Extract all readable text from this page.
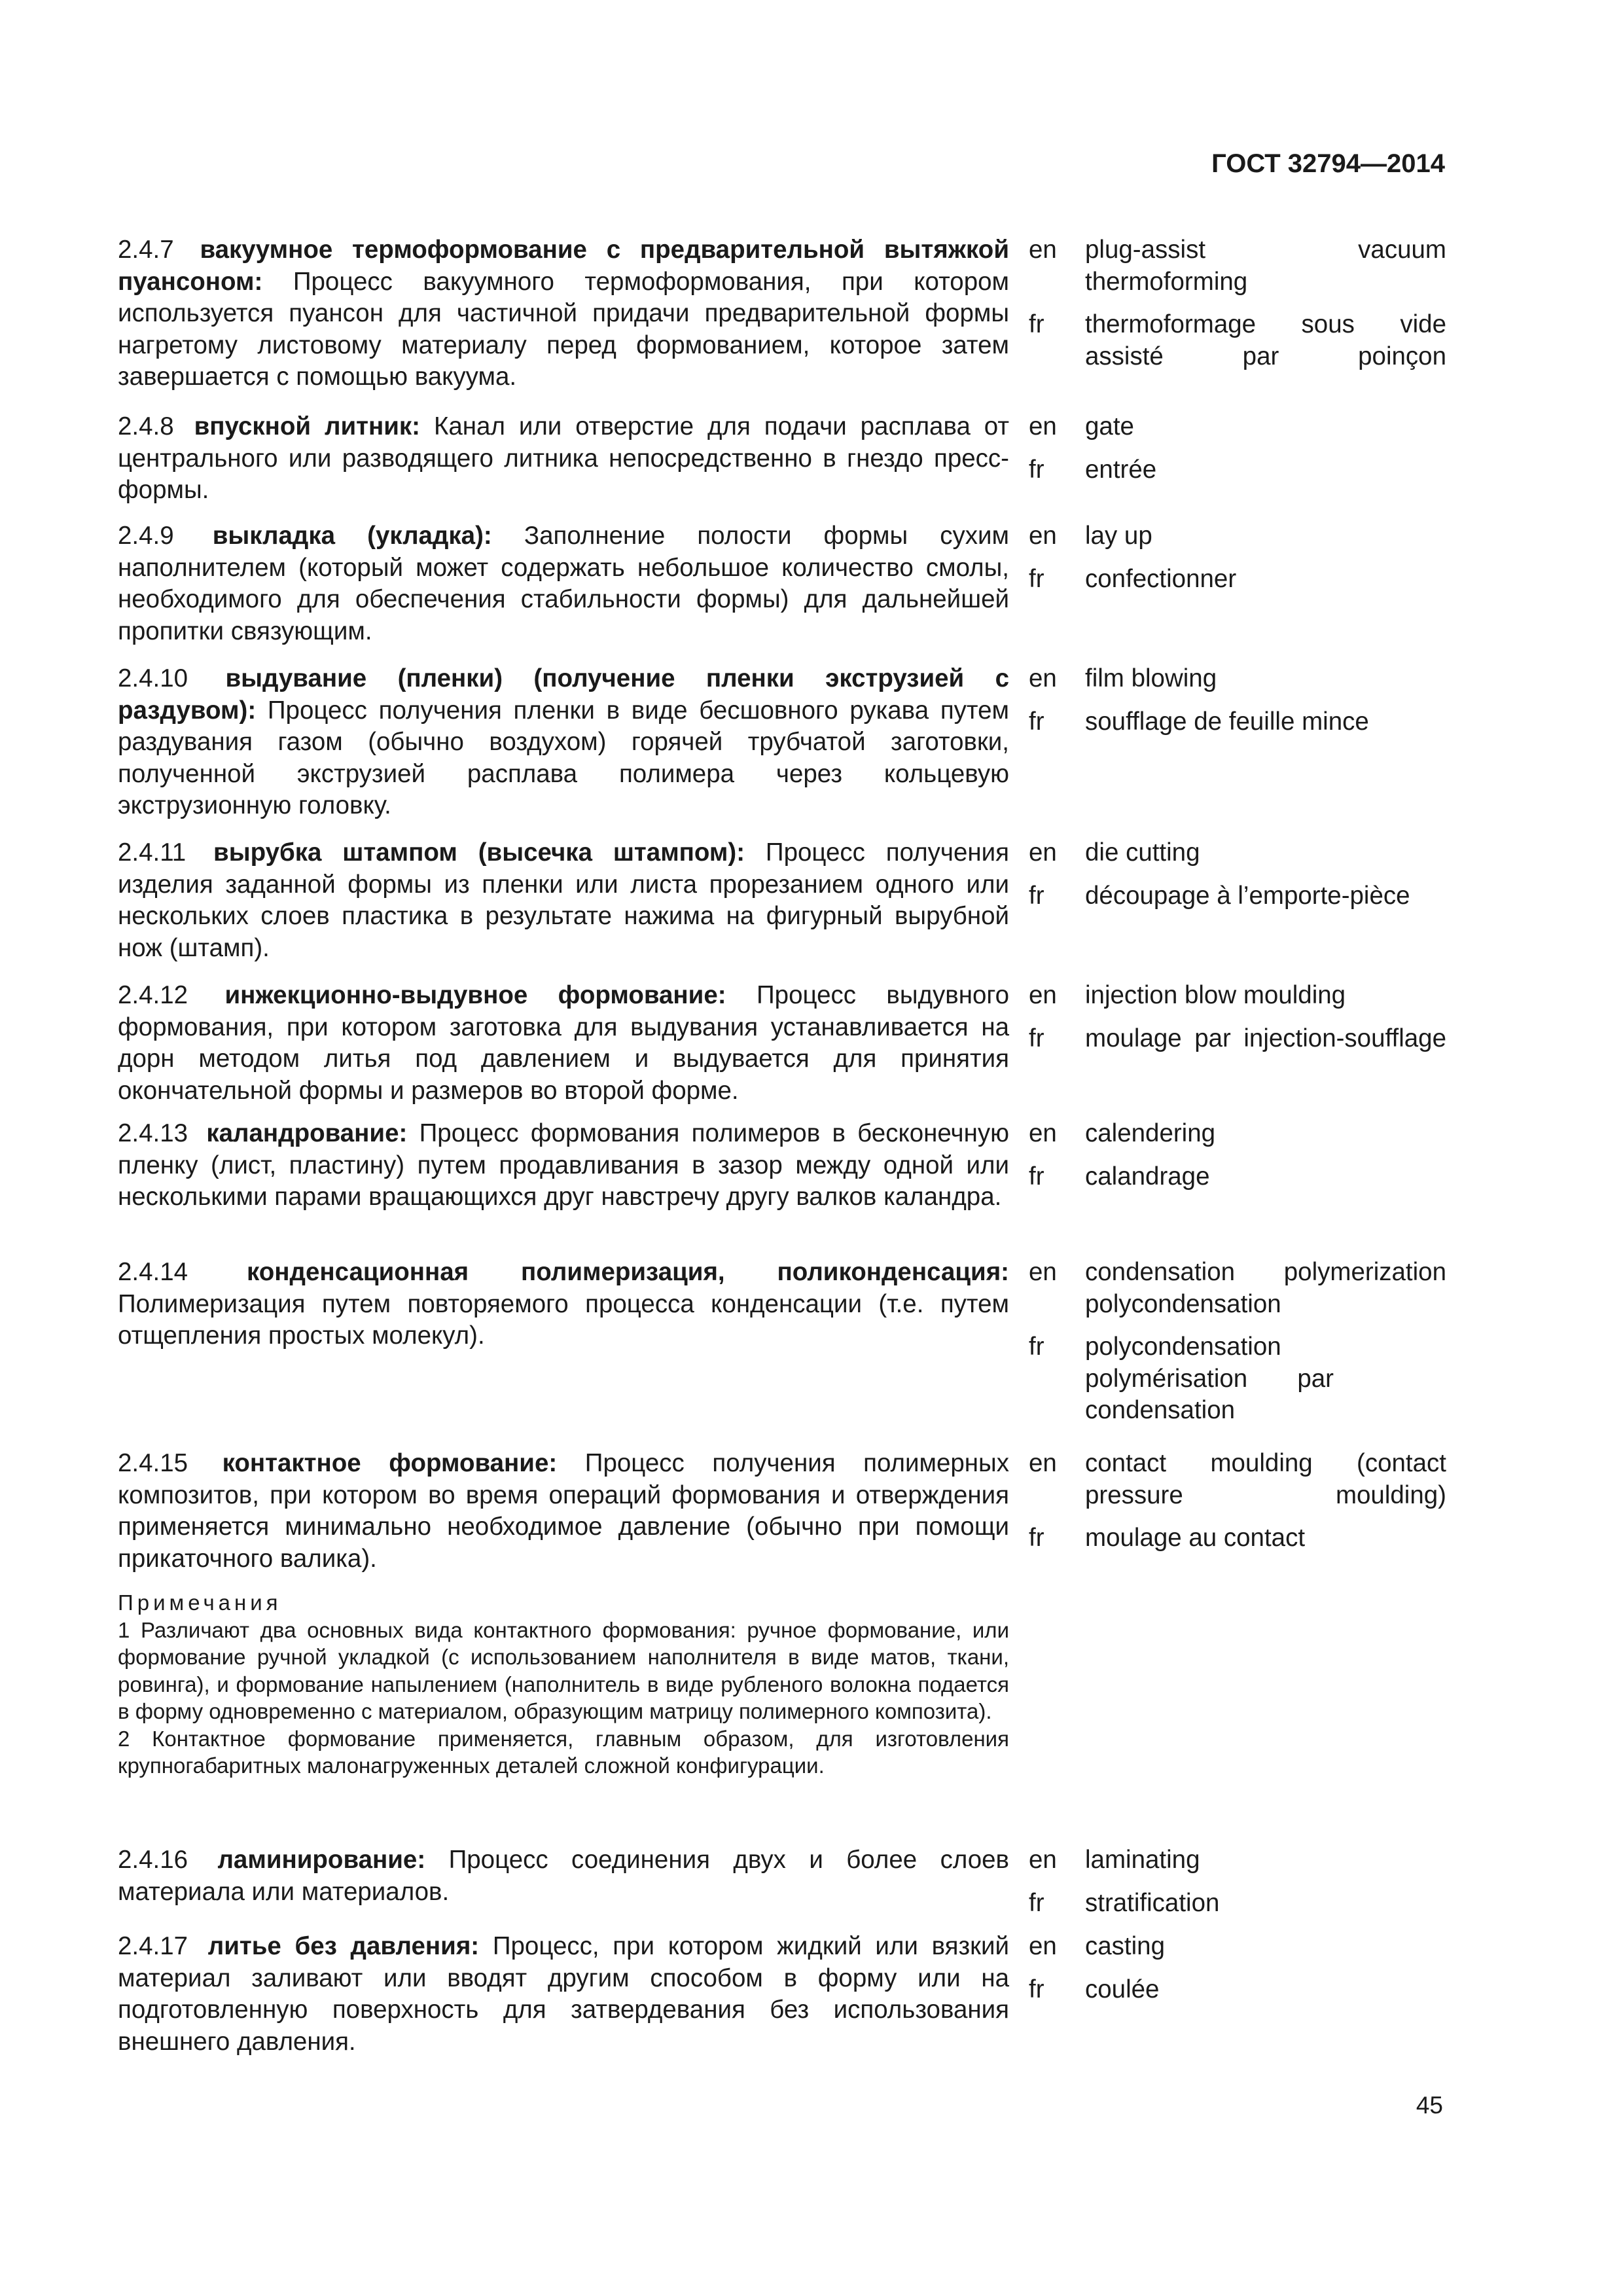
ГОСТ 32794—2014
2.4.7 вакуумное термоформование с предварительной вытяжкой пуансоном: Процесс вакуумного термоформования, при котором используется пуансон для частичной придачи предварительной формы нагретому листовому материалу перед формованием, которое затем завершается с помощью вакуума.
en	plug-assist vacuum thermoforming
fr	thermoformage sous vide assisté par poinçon
2.4.8 впускной литник: Канал или отверстие для подачи расплава от центрального или разводящего литника непосредственно в гнездо пресс-формы.
en	gate
fr	entrée
2.4.9 выкладка (укладка): Заполнение полости формы сухим наполнителем (который может содержать небольшое количество смолы, необходимого для обеспечения стабильности формы) для дальнейшей пропитки связующим.
en	lay up
fr	confectionner
2.4.10 выдувание (пленки) (получение пленки экструзией с раздувом): Процесс получения пленки в виде бесшовного рукава путем раздувания газом (обычно воздухом) горячей трубчатой заготовки, полученной экструзией расплава полимера через кольцевую экструзионную головку.
en	film blowing
fr	soufflage de feuille mince
2.4.11 вырубка штампом (высечка штампом): Процесс получения изделия заданной формы из пленки или листа прорезанием одного или нескольких слоев пластика в результате нажима на фигурный вырубной нож (штамп).
en	die cutting
fr	découpage à l’emporte-pièce
2.4.12 инжекционно-выдувное формование: Процесс выдувного формования, при котором заготовка для выдувания устанавливается на дорн методом литья под давлением и выдувается для принятия окончательной формы и размеров во второй форме.
en	injection blow moulding
fr	moulage par injection-soufflage
2.4.13 каландрование: Процесс формования полимеров в бесконечную пленку (лист, пластину) путем продавливания в зазор между одной или несколькими парами вращающихся друг навстречу другу валков каландра.
en	calendering
fr	calandrage
2.4.14 конденсационная полимеризация, поликонденсация: Полимеризация путем повторяемого процесса конденсации (т.е. путем отщепления простых молекул).
en	condensation polymerization polycondensation
fr	polycondensation polymérisation par condensation
2.4.15 контактное формование: Процесс получения полимерных композитов, при котором во время операций формования и отверждения применяется минимально необходимое давление (обычно при помощи прикаточного валика).
en	contact moulding (contact pressure moulding)
fr	moulage au contact
Примечания
1 Различают два основных вида контактного формования: ручное формование, или формование ручной укладкой (с использованием наполнителя в виде матов, ткани, ровинга), и формование напылением (наполнитель в виде рубленого волокна подается в форму одновременно с материалом, образующим матрицу полимерного композита).
2 Контактное формование применяется, главным образом, для изготовления крупногабаритных малонагруженных деталей сложной конфигурации.
2.4.16 ламинирование: Процесс соединения двух и более слоев материала или материалов.
en	laminating
fr	stratification
2.4.17 литье без давления: Процесс, при котором жидкий или вязкий материал заливают или вводят другим способом в форму или на подготовленную поверхность для затвердевания без использования внешнего давления.
en	casting
fr	coulée
45
